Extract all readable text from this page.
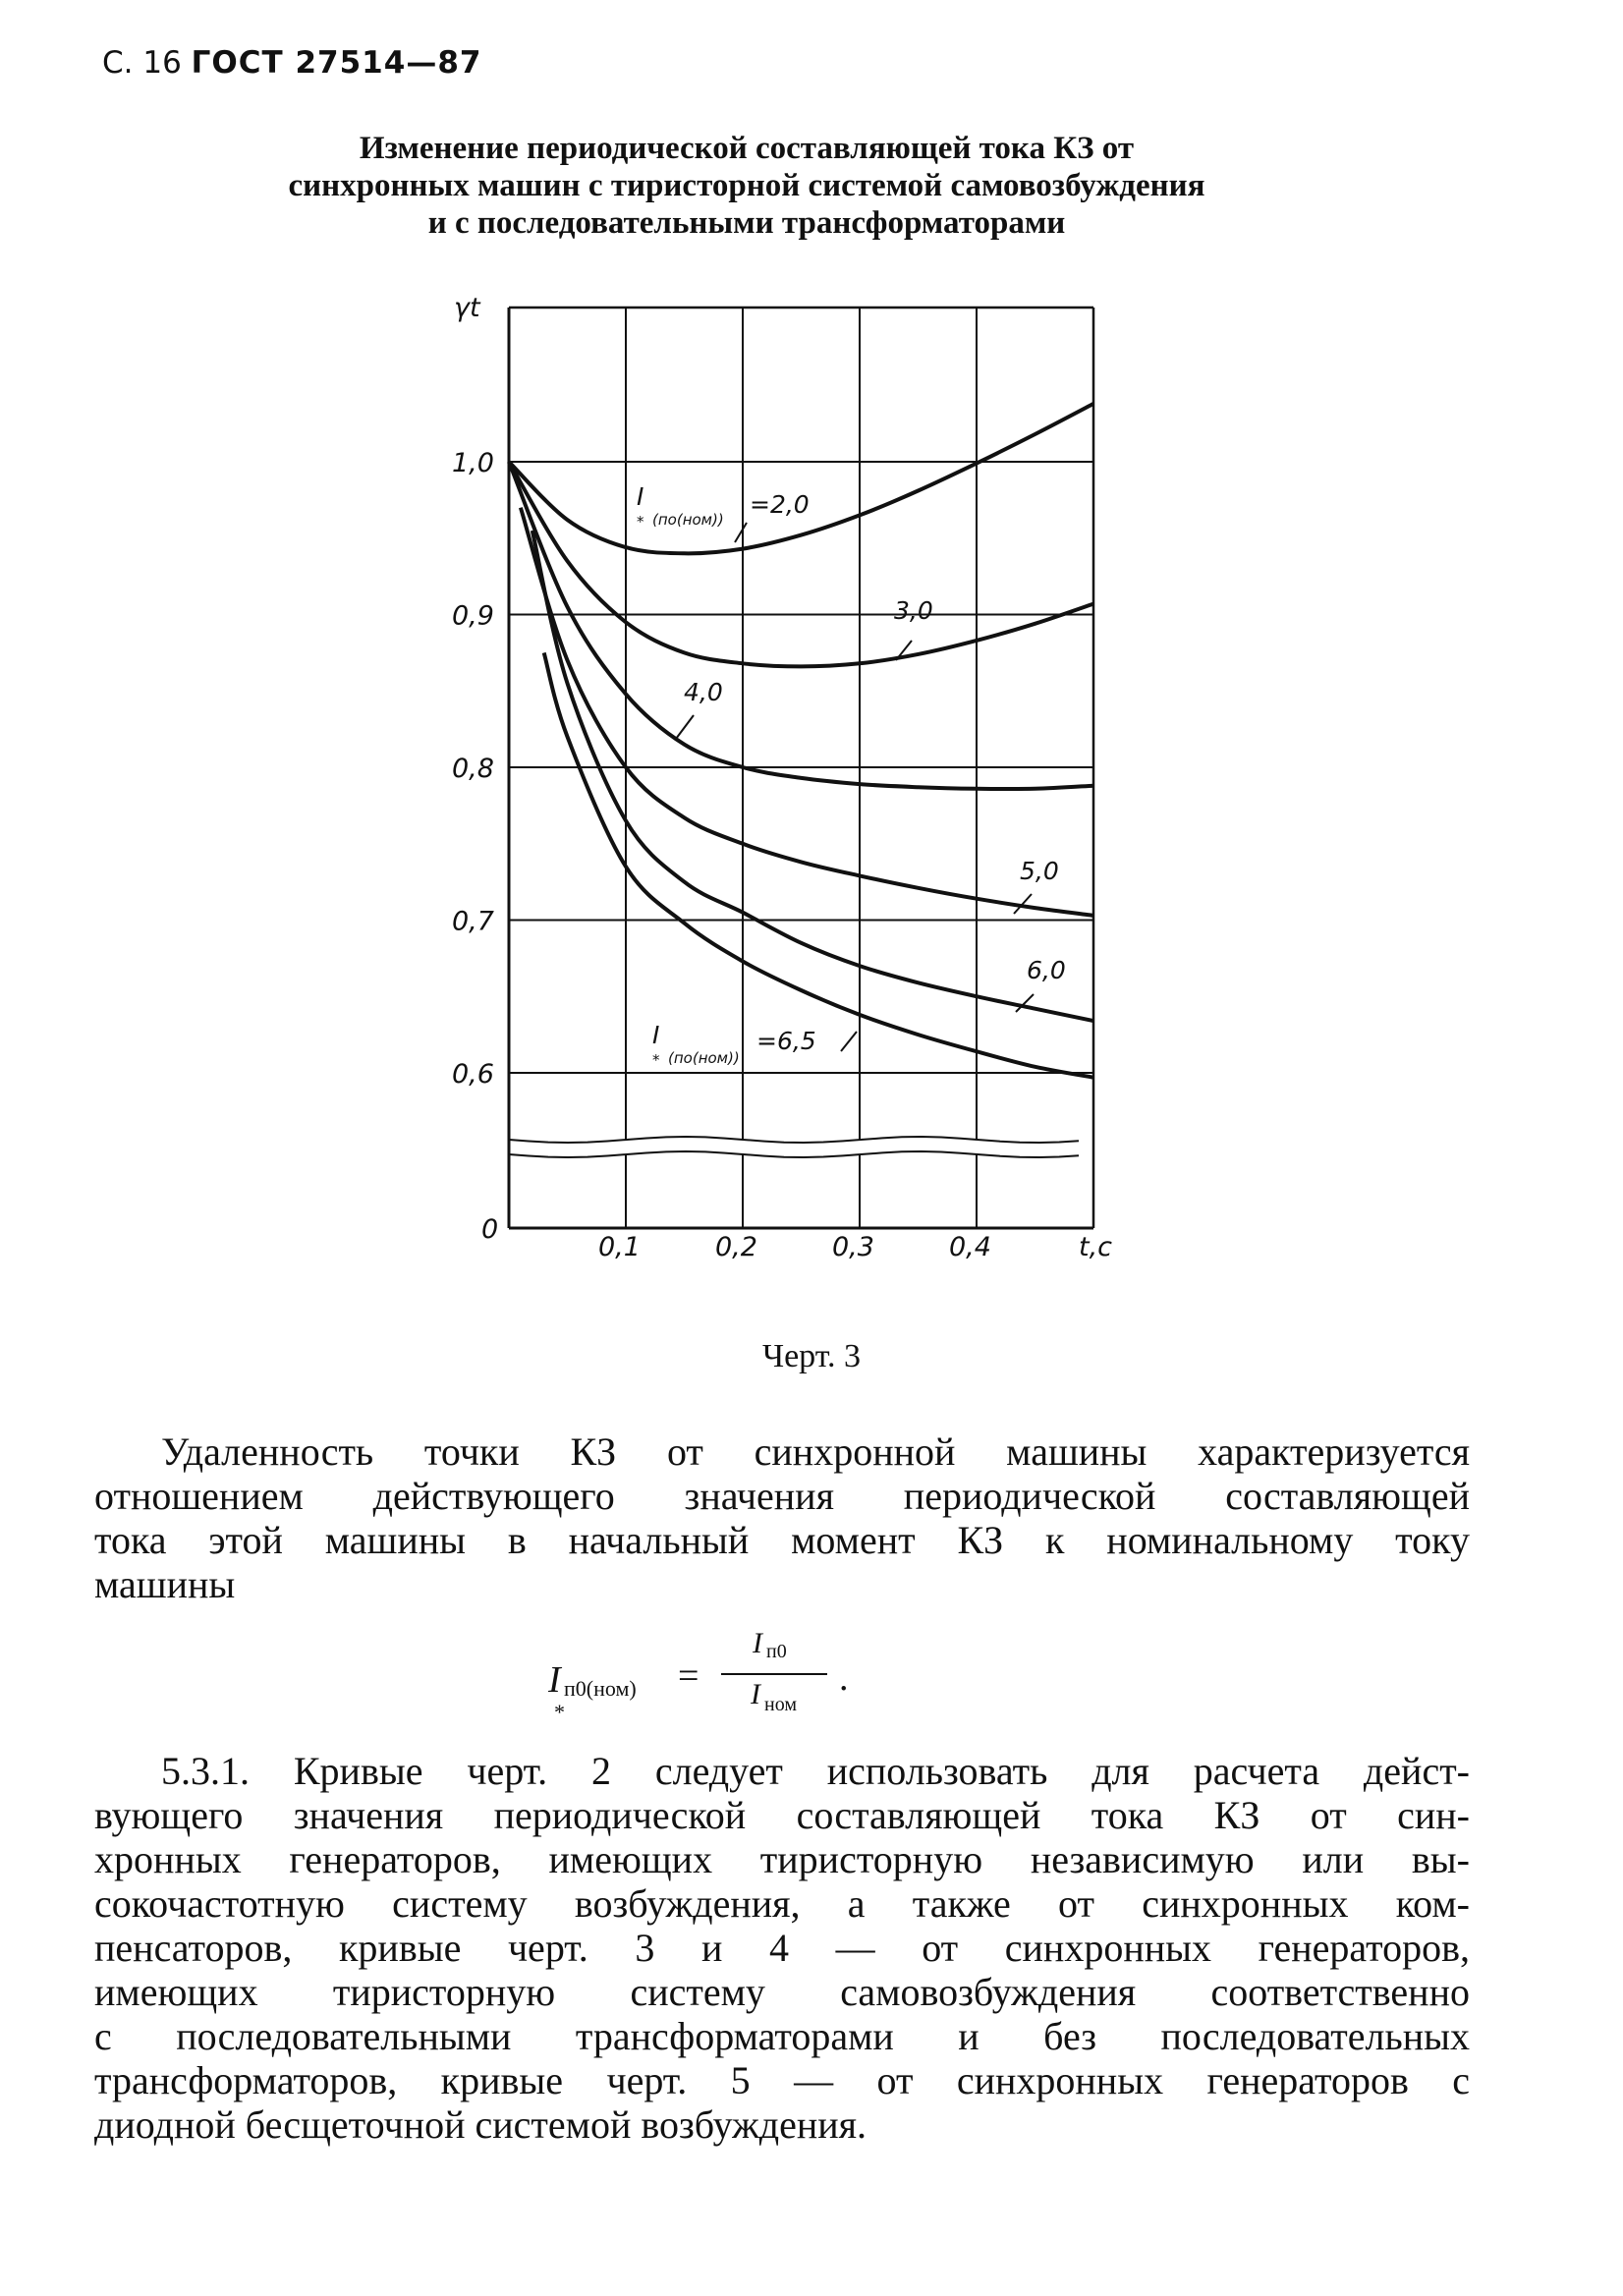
С. 16 ГОСТ 27514—87
Изменение периодической составляющей тока КЗ от
синхронных машин с тиристорной системой самовозбуждения
и с последовательными трансформаторами
γt
0,6
0,7
0,8
0,9
1,0
0
0,1	0,2	0,3	0,4	t,c
I
* (по(ном))
=2,0
3,0
4,0
5,0
6,0
I
* (по(ном))
=6,5
Черт. 3
Удаленность точки КЗ от синхронной машины характеризуется
отношением действующего значения периодической составляющей
тока этой машины в начальный момент КЗ к номинальному току
машины
I п0(ном)
*
=
I п0
I ном
.
5.3.1. Кривые черт. 2 следует использовать для расчета дейст-
вующего значения периодической составляющей тока КЗ от син-
хронных генераторов, имеющих тиристорную независимую или вы-
сокочастотную систему возбуждения, а также от синхронных ком-
пенсаторов, кривые черт. 3 и 4 — от синхронных генераторов,
имеющих тиристорную систему самовозбуждения соответственно
с последовательными трансформаторами и без последовательных
трансформаторов, кривые черт. 5 — от синхронных генераторов с
диодной бесщеточной системой возбуждения.
